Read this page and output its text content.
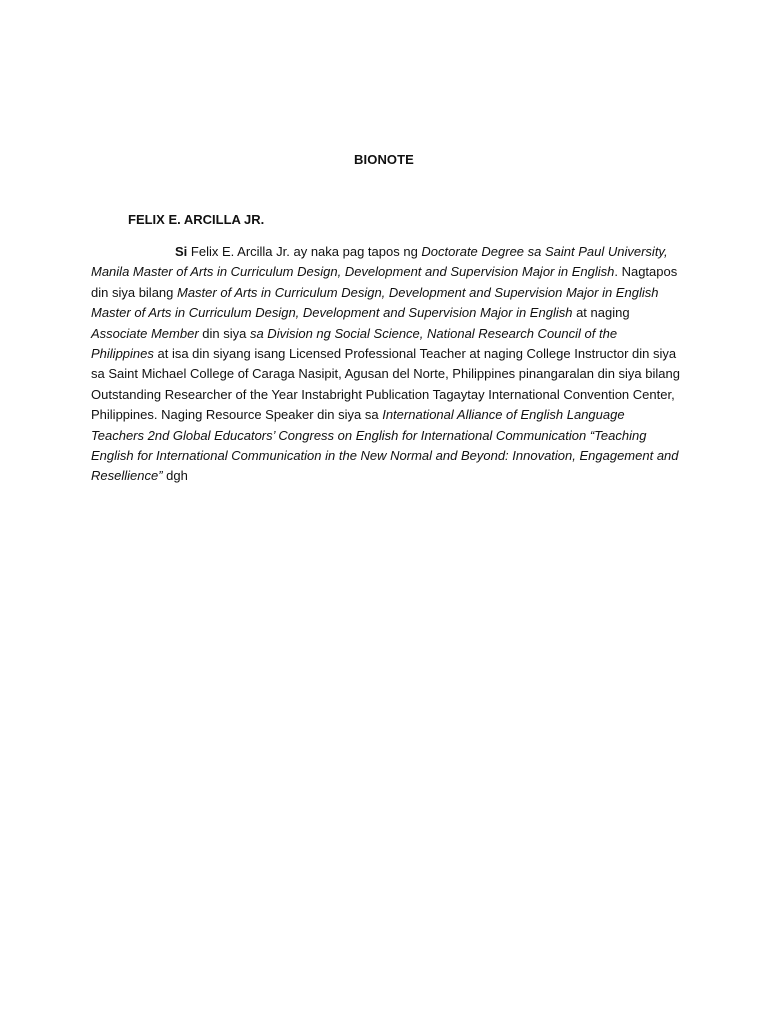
BIONOTE
FELIX E. ARCILLA JR.

Si Felix E. Arcilla Jr. ay naka pag tapos ng Doctorate Degree sa Saint Paul University, Manila Master of Arts in Curriculum Design, Development and Supervision Major in English. Nagtapos din siya bilang Master of Arts in Curriculum Design, Development and Supervision Major in English Master of Arts in Curriculum Design, Development and Supervision Major in English at naging Associate Member din siya sa Division ng Social Science, National Research Council of the Philippines at isa din siyang isang Licensed Professional Teacher at naging College Instructor din siya sa Saint Michael College of Caraga Nasipit, Agusan del Norte, Philippines pinangaralan din siya bilang Outstanding Researcher of the Year Instabright Publication Tagaytay International Convention Center, Philippines. Naging Resource Speaker din siya sa International Alliance of English Language Teachers 2nd Global Educators’ Congress on English for International Communication “Teaching English for International Communication in the New Normal and Beyond: Innovation, Engagement and Resellience” dgh
